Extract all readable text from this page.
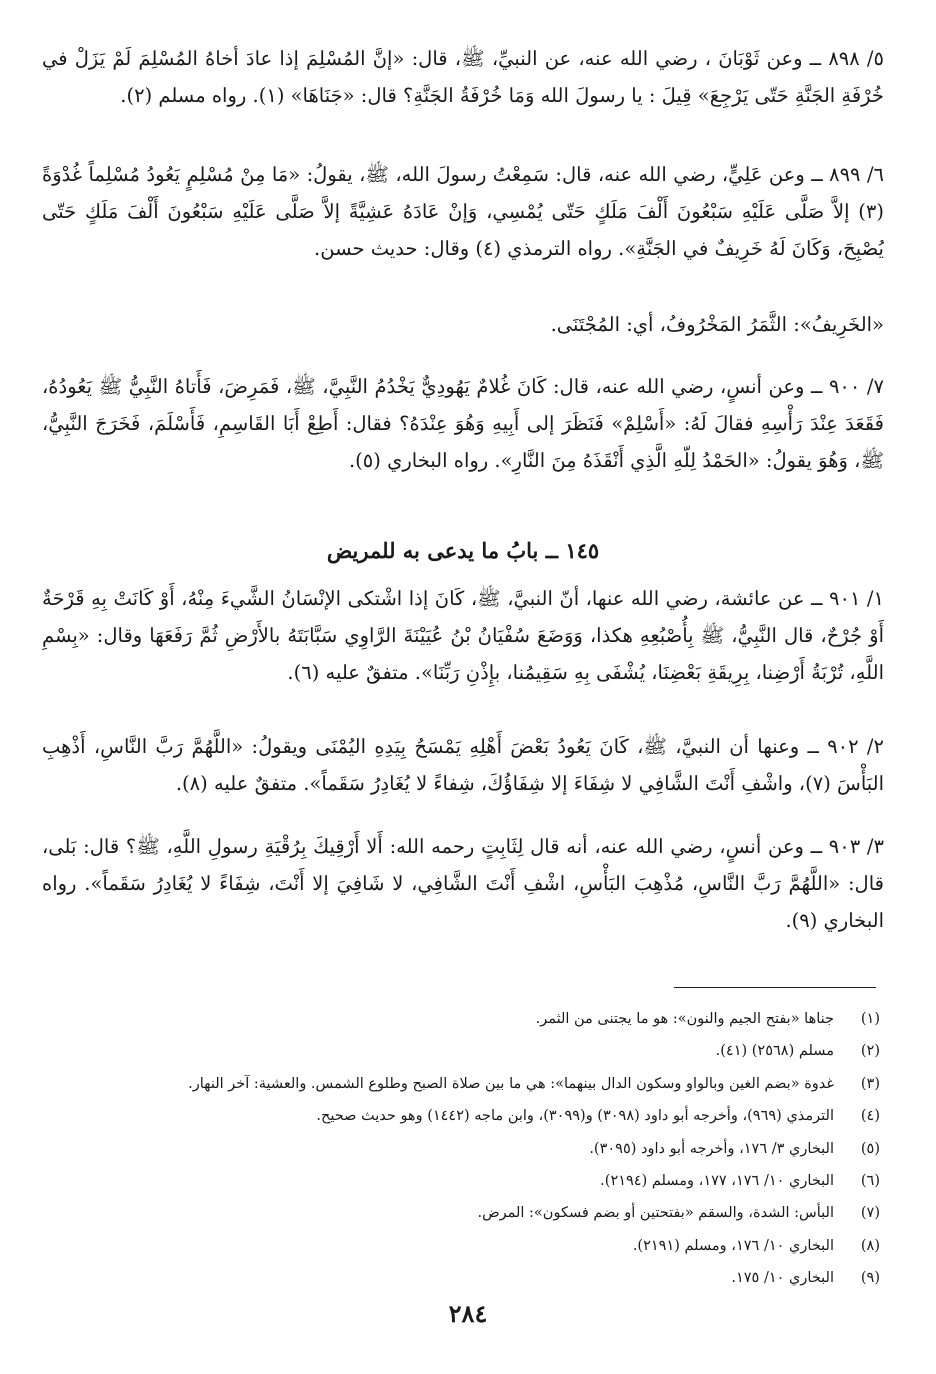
٥/ ٨٩٨ ــ وعن ثَوْبَانَ ، رضي الله عنه، عن النبيِّ، ﷺ، قال: «إنَّ المُسْلِمَ إذا عادَ أخاهُ المُسْلِمَ لَمْ يَزَلْ في خُرْفَةِ الجَنَّةِ حَتّى يَرْجِعَ» قِيلَ : يا رسولَ الله وَمَا خُرْفَةُ الجَنَّةِ؟ قال: «جَنَاهَا» (١). رواه مسلم (٢).

٦/ ٨٩٩ ــ وعن عَلِيٍّ، رضي الله عنه، قال: سَمِعْتُ رسولَ الله، ﷺ، يقولُ: «مَا مِنْ مُسْلِمٍ يَعُودُ مُسْلِماً غُدْوَةً (٣) إلاَّ صَلَّى عَلَيْهِ سَبْعُونَ أَلْفَ مَلَكٍ حَتّى يُمْسِي، وَإنْ عَادَهُ عَشِيَّةً إلاَّ صَلَّى عَلَيْهِ سَبْعُونَ أَلْفَ مَلَكٍ حَتّى يُصْبِحَ، وَكَانَ لَهُ خَرِيفٌ في الجَنَّةِ». رواه الترمذي (٤) وقال: حديث حسن.

«الخَرِيفُ»: الثَّمَرُ المَخْرُوفُ، أي: المُجْتَنَى.

٧/ ٩٠٠ ــ وعن أنسٍ، رضي الله عنه، قال: كَانَ غُلامٌ يَهُودِيٌّ يَخْدُمُ النَّبِيَّ، ﷺ، فَمَرِضَ، فَأَتاهُ النَّبِيُّ ﷺ يَعُودُهُ، فَقَعَدَ عِنْدَ رَأْسِهِ فقالَ لَهُ: «أَسْلِمْ» فَنَظَرَ إلى أَبِيهِ وَهُوَ عِنْدَهُ؟ فقال: أَطِعْ أَبَا القَاسِمِ، فَأَسْلَمَ، فَخَرَجَ النَّبِيُّ، ﷺ، وَهُوَ يقولُ: «الحَمْدُ لِلّهِ الَّذِي أَنْقَذَهُ مِنَ النَّارِ». رواه البخاري (٥).

١٤٥ ــ بابُ ما يدعى به للمريض

١/ ٩٠١ ــ عن عائشة، رضي الله عنها، أنّ النبيَّ، ﷺ، كَانَ إذا اشْتكى الإنْسَانُ الشَّيءَ مِنْهُ، أَوْ كَانَتْ بِهِ قَرْحَةٌ أَوْ جُرْحٌ، قال النَّبِيُّ، ﷺ بِأُصْبُعِهِ هكذا، وَوَضَعَ سُفْيَانُ بْنُ عُيَيْنَةَ الرَّاوِي سَبَّابَتَهُ بالأَرْضِ ثُمَّ رَفَعَهَا وقال: «بِسْمِ اللَّهِ، تُرْبَةُ أَرْضِنا، بِرِيقَةِ بَعْضِنَا، يُشْفَى بِهِ سَقِيمُنا، بإِذْنِ رَبِّنَا». متفقٌ عليه (٦).

٢/ ٩٠٢ ــ وعنها أن النبيَّ، ﷺ، كَانَ يَعُودُ بَعْضَ أَهْلِهِ يَمْسَحُ بِيَدِهِ اليُمْنَى ويقولُ: «اللَّهُمَّ رَبَّ النَّاسِ، أَذْهِبِ البَأْسَ (٧)، واشْفِ أَنْتَ الشَّافِي لا شِفَاءَ إلا شِفَاؤُكَ، شِفاءً لا يُغَادِرُ سَقَماً». متفقٌ عليه (٨).

٣/ ٩٠٣ ــ وعن أنسٍ، رضي الله عنه، أنه قال لِثَابِتٍ رحمه الله: أَلا أَرْقِيكَ بِرُقْيَةِ رسولِ اللَّهِ، ﷺ؟ قال: بَلى، قال: «اللَّهُمَّ رَبَّ النَّاسِ، مُذْهِبَ البَأْسِ، اشْفِ أَنْتَ الشَّافِي، لا شَافِيَ إلا أَنْتَ، شِفَاءً لا يُغَادِرُ سَقَماً». رواه البخاري (٩).

(١)جناها «بفتح الجيم والنون»: هو ما يجتنى من الثمر.
(٢)مسلم (٢٥٦٨) (٤١).
(٣)غدوة «بضم الغين وبالواو وسكون الدال بينهما»: هي ما بين صلاة الصبح وطلوع الشمس. والعشية: آخر النهار.
(٤)الترمذي (٩٦٩)، وأخرجه أبو داود (٣٠٩٨) و(٣٠٩٩)، وابن ماجه (١٤٤٢) وهو حديث صحيح.
(٥)البخاري ٣/ ١٧٦، وأخرجه أبو داود (٣٠٩٥).
(٦)البخاري ١٠/ ١٧٦، ١٧٧، ومسلم (٢١٩٤).
(٧)البأس: الشدة، والسقم «بفتحتين أو بضم فسكون»: المرض.
(٨)البخاري ١٠/ ١٧٦، ومسلم (٢١٩١).
(٩)البخاري ١٠/ ١٧٥.
٢٨٤
